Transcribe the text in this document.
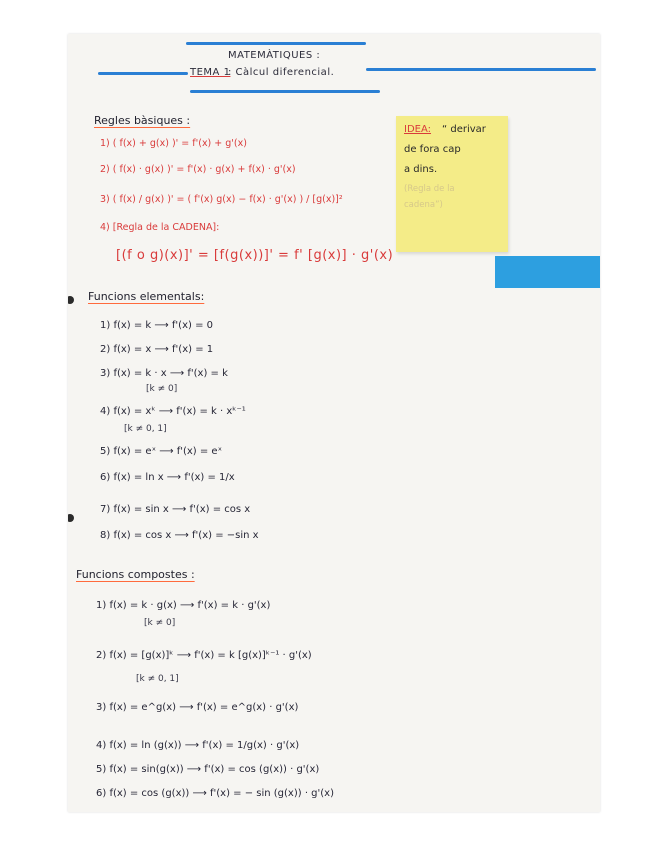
MATEMÀTIQUES :
TEMA 1
: Càlcul diferencial.
IDEA: “ derivar
de fora cap
a dins.
(Regla de la
cadena”)
Regles bàsiques :
1) ( f(x) + g(x) )' = f'(x) + g'(x)
2) ( f(x) · g(x) )' = f'(x) · g(x) + f(x) · g'(x)
3) ( f(x) / g(x) )' = ( f'(x) g(x) − f(x) · g'(x) ) / [g(x)]²
4) [Regla de la CADENA]:
[(f o g)(x)]' = [f(g(x))]' = f' [g(x)] · g'(x)
Funcions elementals:
1) f(x) = k ⟶ f'(x) = 0
2) f(x) = x ⟶ f'(x) = 1
3) f(x) = k · x ⟶ f'(x) = k
[k ≠ 0]
4) f(x) = xᵏ ⟶ f'(x) = k · xᵏ⁻¹
[k ≠ 0, 1]
5) f(x) = eˣ ⟶ f'(x) = eˣ
6) f(x) = ln x ⟶ f'(x) = 1/x
7) f(x) = sin x ⟶ f'(x) = cos x
8) f(x) = cos x ⟶ f'(x) = −sin x
Funcions compostes :
1) f(x) = k · g(x) ⟶ f'(x) = k · g'(x)
[k ≠ 0]
2) f(x) = [g(x)]ᵏ ⟶ f'(x) = k [g(x)]ᵏ⁻¹ · g'(x)
[k ≠ 0, 1]
3) f(x) = e^g(x) ⟶ f'(x) = e^g(x) · g'(x)
4) f(x) = ln (g(x)) ⟶ f'(x) = 1/g(x) · g'(x)
5) f(x) = sin(g(x)) ⟶ f'(x) = cos (g(x)) · g'(x)
6) f(x) = cos (g(x)) ⟶ f'(x) = − sin (g(x)) · g'(x)
